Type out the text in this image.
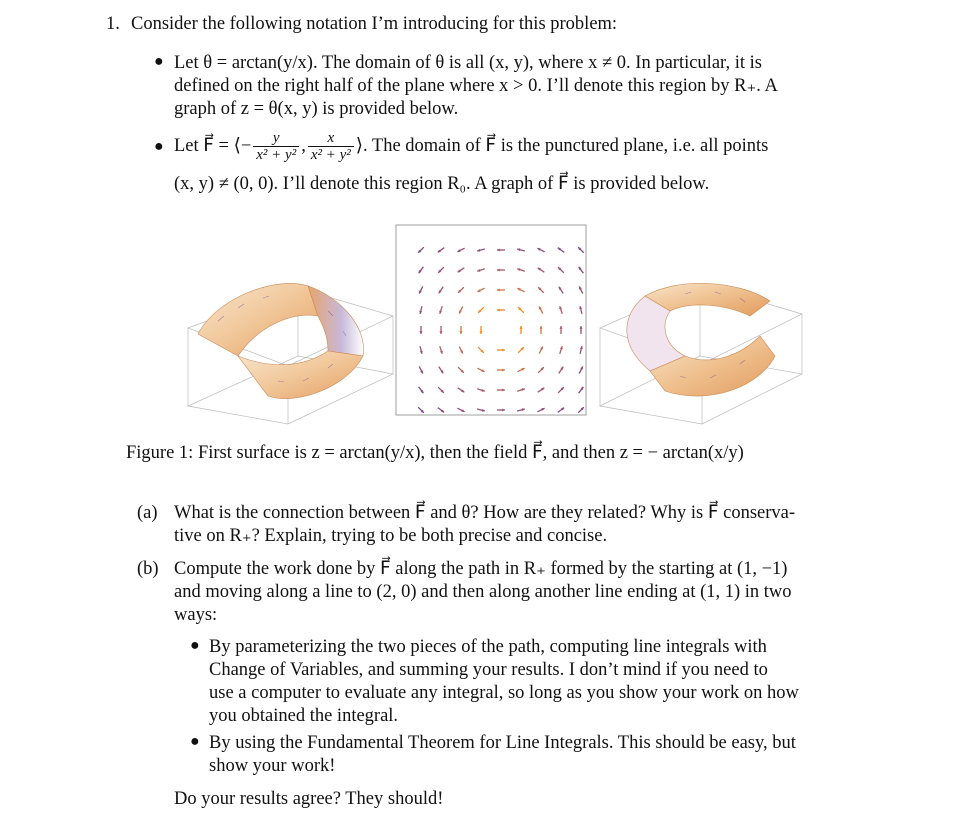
1. Consider the following notation I’m introducing for this problem:
● Let θ = arctan(y/x). The domain of θ is all (x, y), where x ≠ 0. In particular, it is
defined on the right half of the plane where x > 0. I’ll denote this region by R₊. A
graph of z = θ(x, y) is provided below.
● Let F⃗ = ⟨− $\frac{y}{\text{x² + y²}}$ , $\frac{x}{\text{x² + y²}}$ ⟩. The domain of F⃗ is the punctured plane, i.e. all points
(x, y) ≠ (0, 0). I’ll denote this region R₀. A graph of F⃗ is provided below.
Figure 1: First surface is z = arctan(y/x), then the field F⃗, and then z = − arctan(x/y)
(a) What is the connection between F⃗ and θ? How are they related? Why is F⃗ conserva-
tive on R₊? Explain, trying to be both precise and concise.
(b) Compute the work done by F⃗ along the path in R₊ formed by the starting at (1, −1)
and moving along a line to (2, 0) and then along another line ending at (1, 1) in two
ways:
● By parameterizing the two pieces of the path, computing line integrals with
Change of Variables, and summing your results. I don’t mind if you need to
use a computer to evaluate any integral, so long as you show your work on how
you obtained the integral.
● By using the Fundamental Theorem for Line Integrals. This should be easy, but
show your work!
Do your results agree? They should!
